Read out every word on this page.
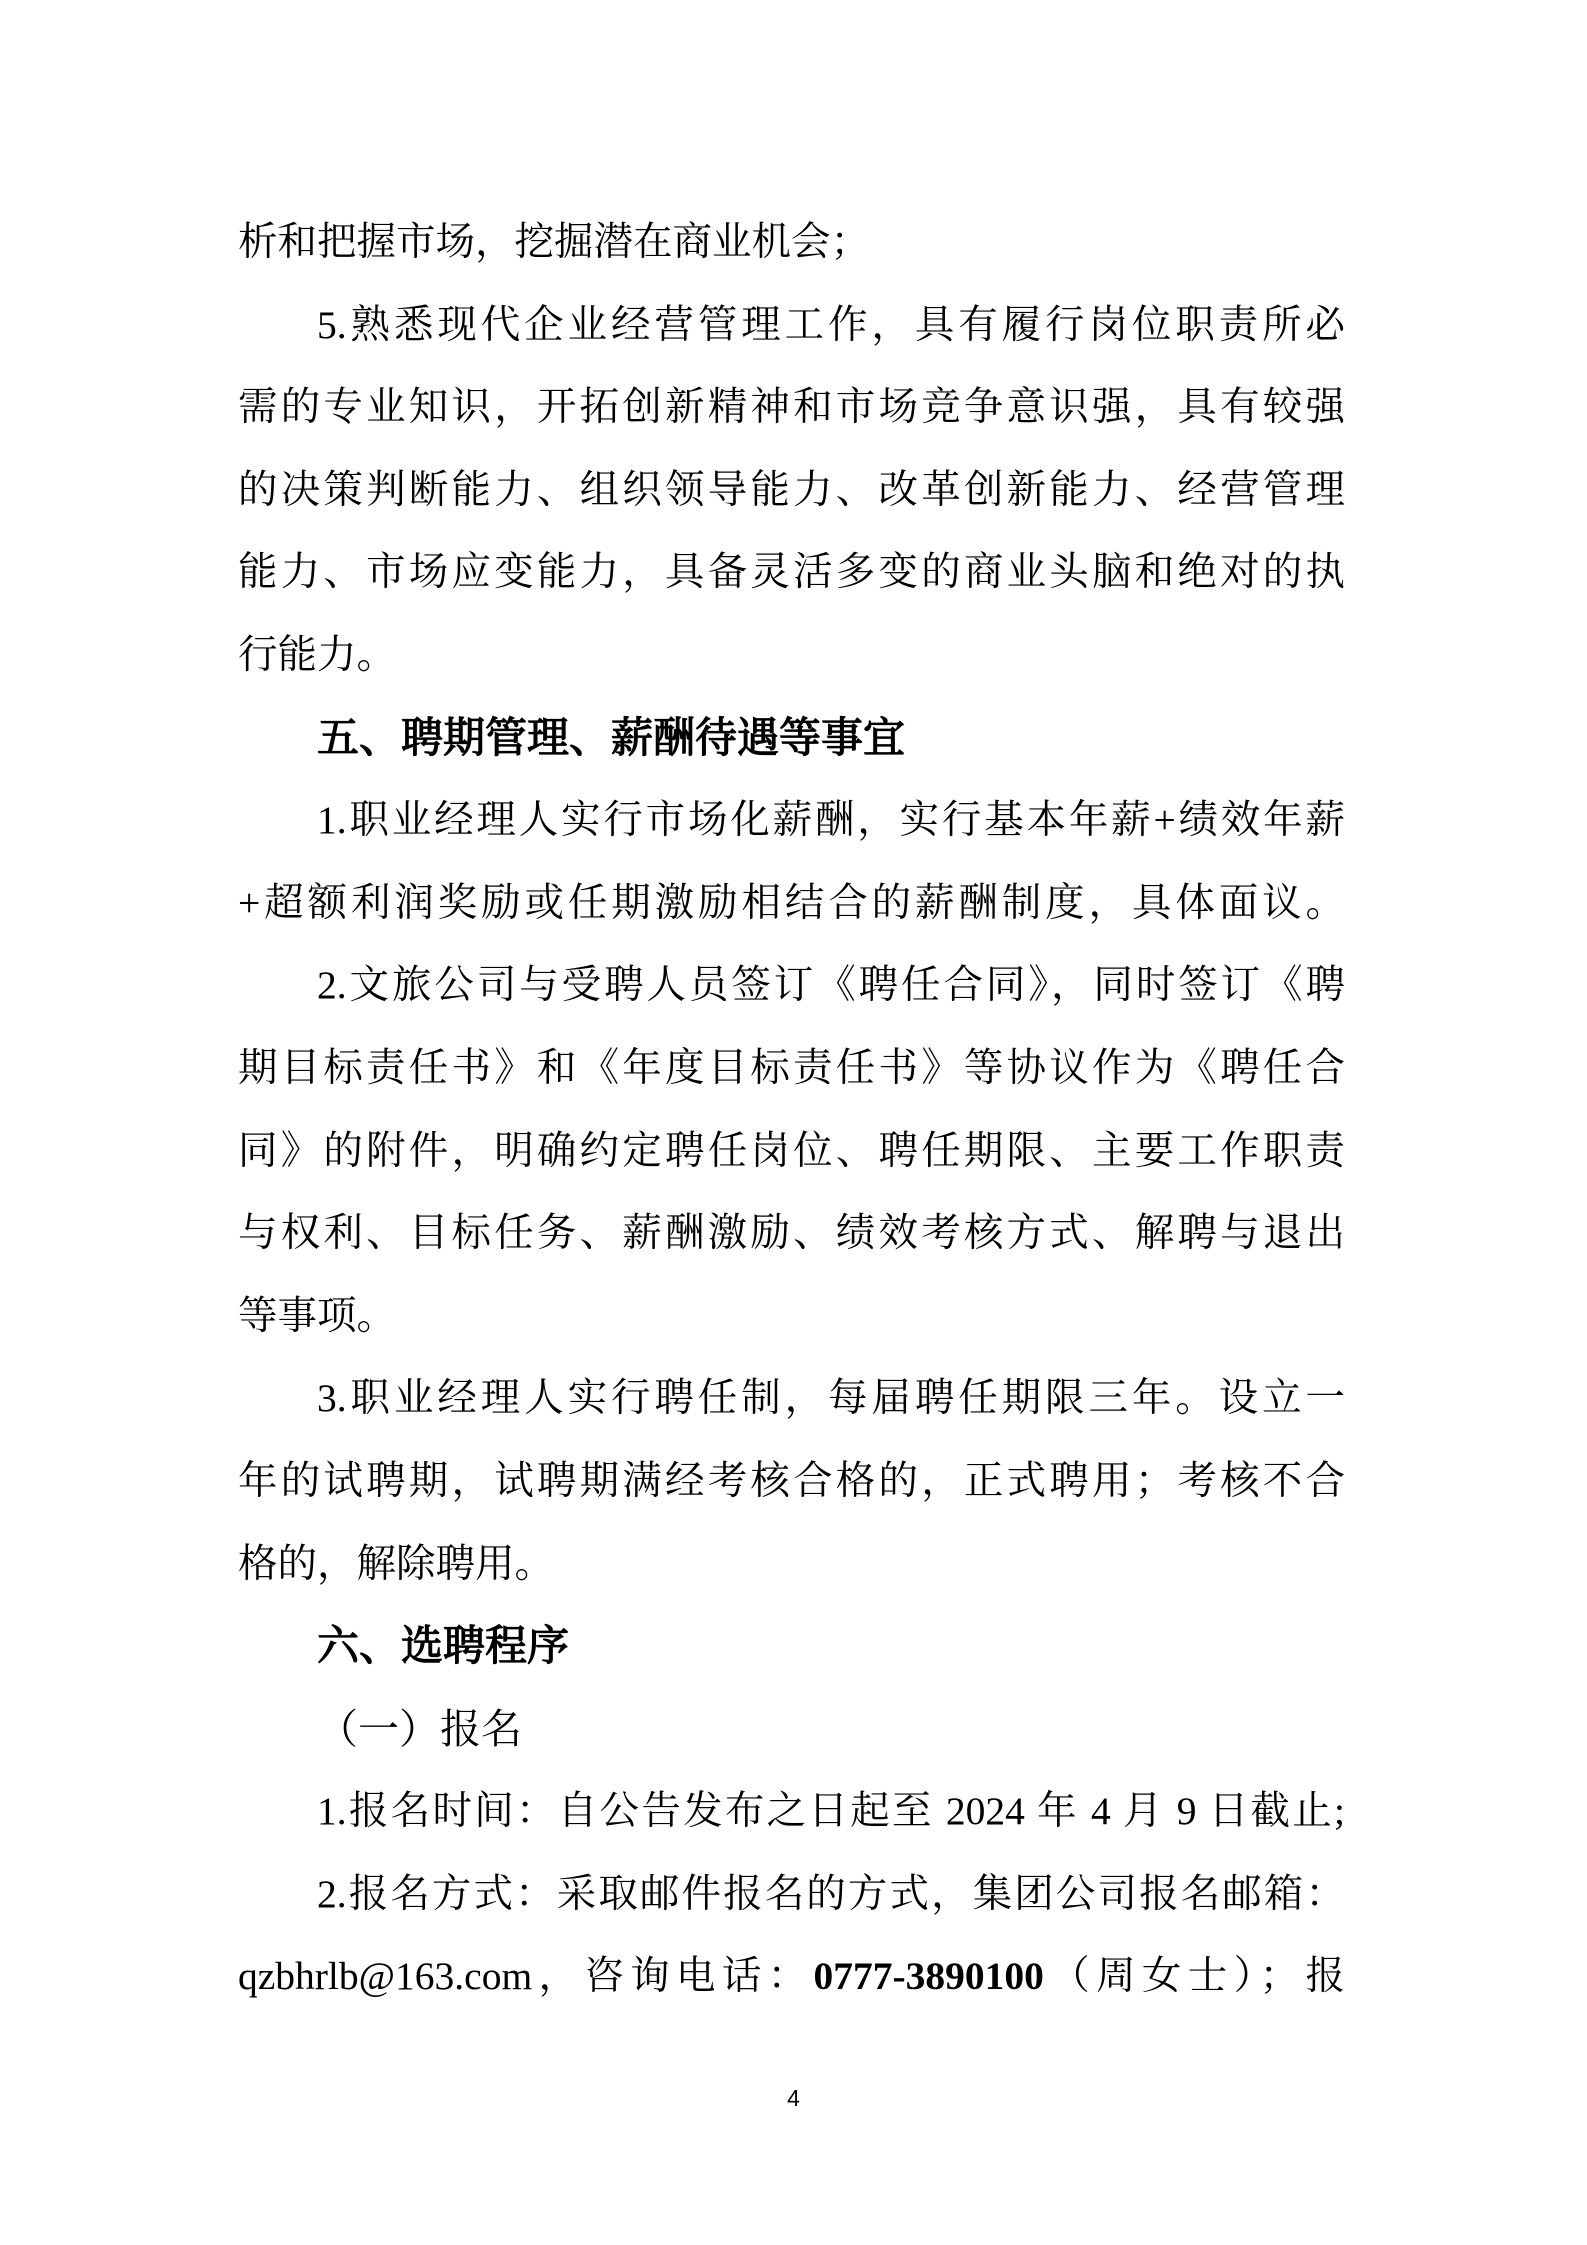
析和把握市场，挖掘潜在商业机会；
5.熟悉现代企业经营管理工作，具有履行岗位职责所必
需的专业知识，开拓创新精神和市场竞争意识强，具有较强
的决策判断能力、组织领导能力、改革创新能力、经营管理
能力、市场应变能力，具备灵活多变的商业头脑和绝对的执
行能力。
五、聘期管理、薪酬待遇等事宜
1.职业经理人实行市场化薪酬，实行基本年薪+绩效年薪
+超额利润奖励或任期激励相结合的薪酬制度，具体面议。
2.文旅公司与受聘人员签订《聘任合同》，同时签订《聘
期目标责任书》和《年度目标责任书》等协议作为《聘任合
同》的附件，明确约定聘任岗位、聘任期限、主要工作职责
与权利、目标任务、薪酬激励、绩效考核方式、解聘与退出
等事项。
3.职业经理人实行聘任制，每届聘任期限三年。设立一
年的试聘期，试聘期满经考核合格的，正式聘用；考核不合
格的，解除聘用。
六、选聘程序
（一）报名
1.报名时间：自公告发布之日起至 2024 年 4 月 9 日截止;
2.报名方式：采取邮件报名的方式，集团公司报名邮箱：
qzbhrlb@163.com，咨询电话：0777-3890100（周女士）；报
4
